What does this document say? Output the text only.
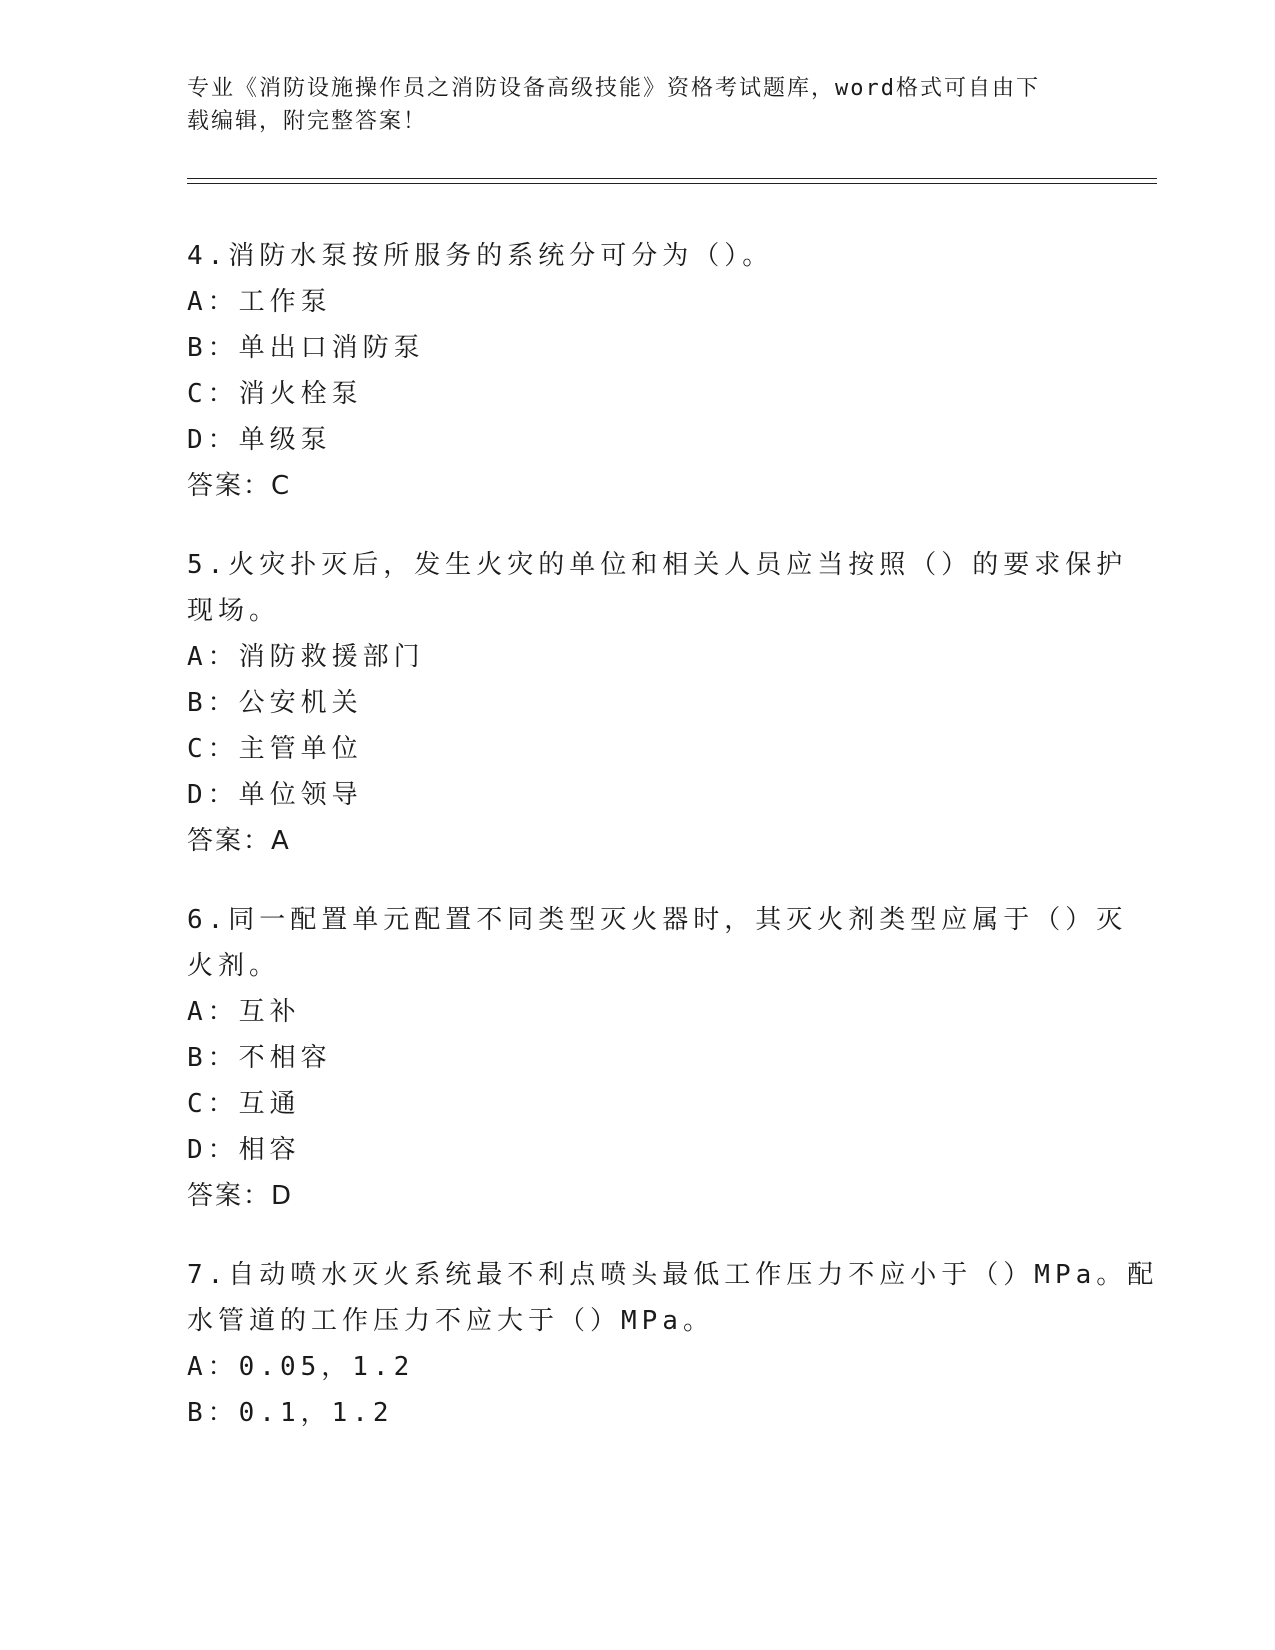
专业《消防设施操作员之消防设备高级技能》资格考试题库，word格式可自由下
载编辑，附完整答案！
4.消防水泵按所服务的系统分可分为（）。
A：工作泵
B：单出口消防泵
C：消火栓泵
D：单级泵
答案：C
5.火灾扑灭后，发生火灾的单位和相关人员应当按照（）的要求保护
现场。
A：消防救援部门
B：公安机关
C：主管单位
D：单位领导
答案：A
6.同一配置单元配置不同类型灭火器时，其灭火剂类型应属于（）灭
火剂。
A：互补
B：不相容
C：互通
D：相容
答案：D
7.自动喷水灭火系统最不利点喷头最低工作压力不应小于（）MPa。配
水管道的工作压力不应大于（）MPa。
A：0.05，1.2
B：0.1，1.2
